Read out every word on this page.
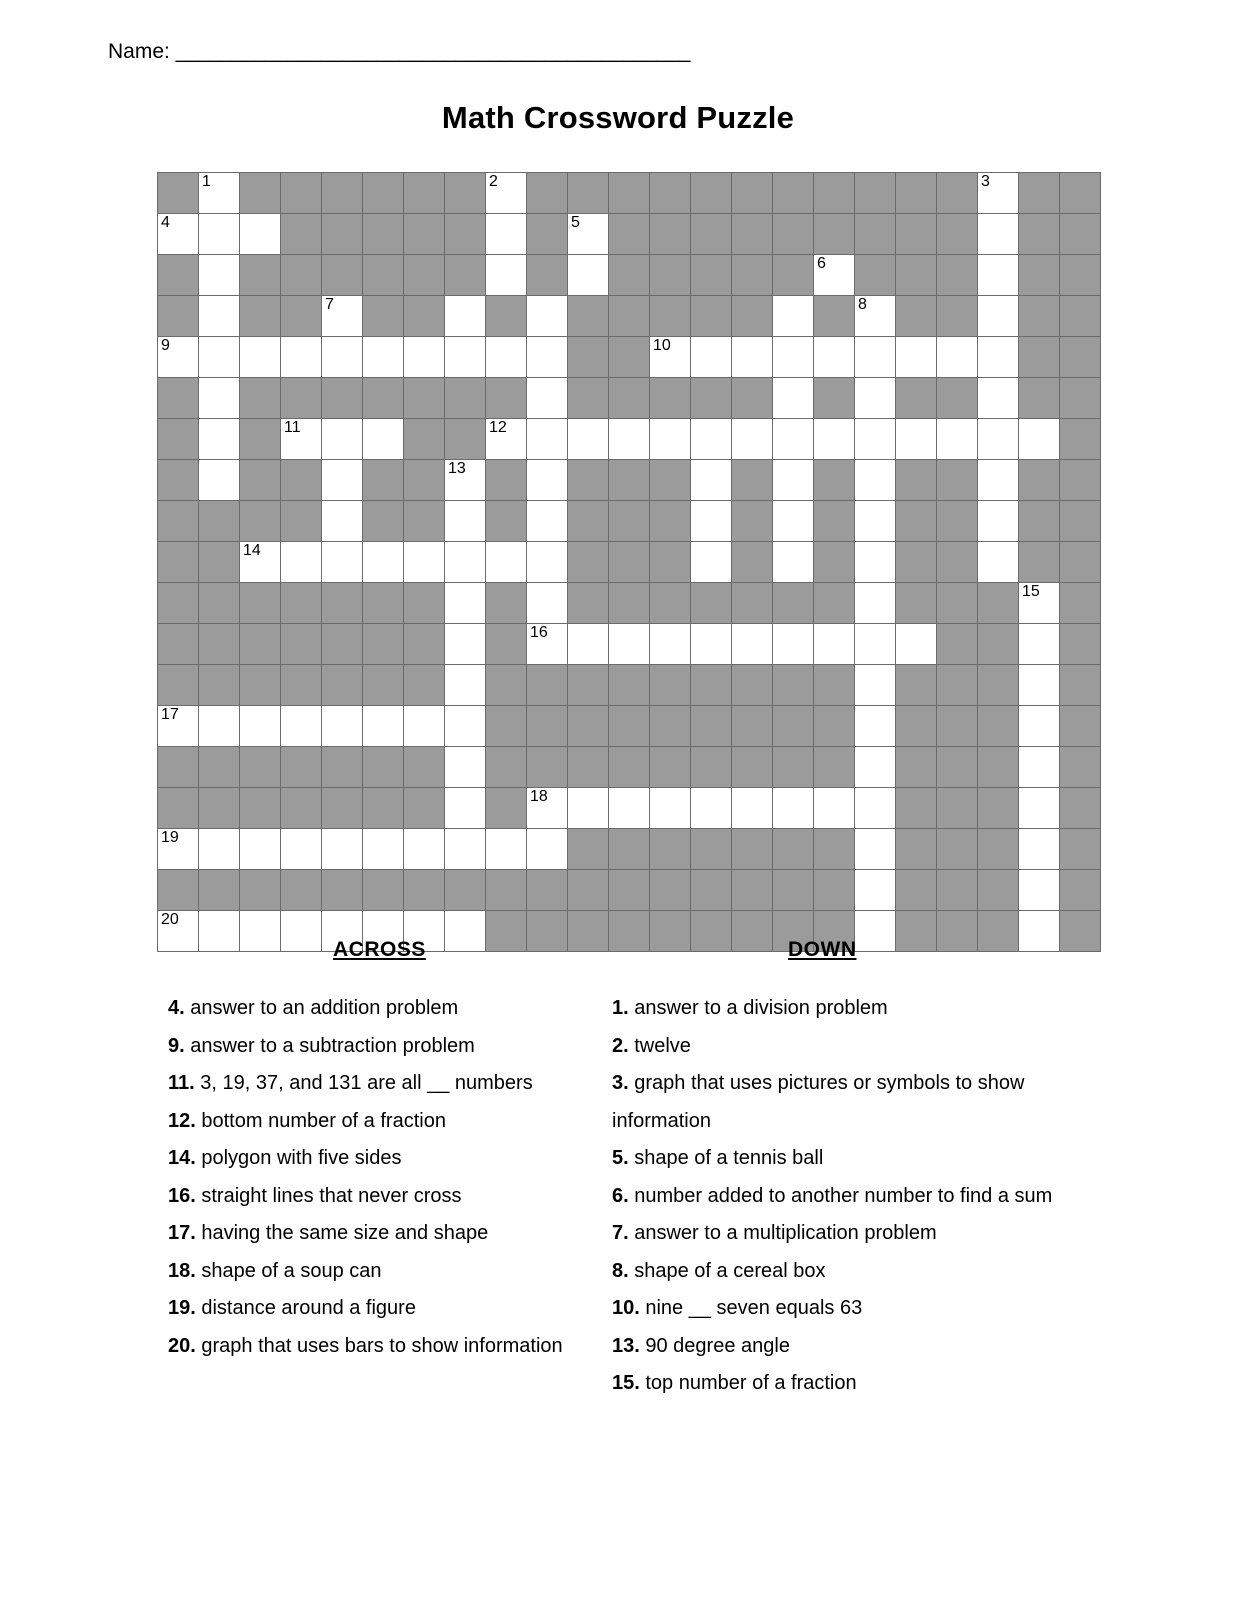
Name: ______________________________________________
Math Crossword Puzzle

	1							2												3		

4										5												

																6						

				7													8					

9												10										

			11					12														

							13															

		14																				

																					15	

									16													

17																						

									18													

19																						

20																						

ACROSS	DOWN
4. answer to an addition problem
9. answer to a subtraction problem
11. 3, 19, 37, and 131 are all __ numbers
12. bottom number of a fraction
14. polygon with five sides
16. straight lines that never cross
17. having the same size and shape
18. shape of a soup can
19. distance around a figure
20. graph that uses bars to show information
1. answer to a division problem
2. twelve
3. graph that uses pictures or symbols to show information
5. shape of a tennis ball
6. number added to another number to find a sum
7. answer to a multiplication problem
8. shape of a cereal box
10. nine __ seven equals 63
13. 90 degree angle
15. top number of a fraction
